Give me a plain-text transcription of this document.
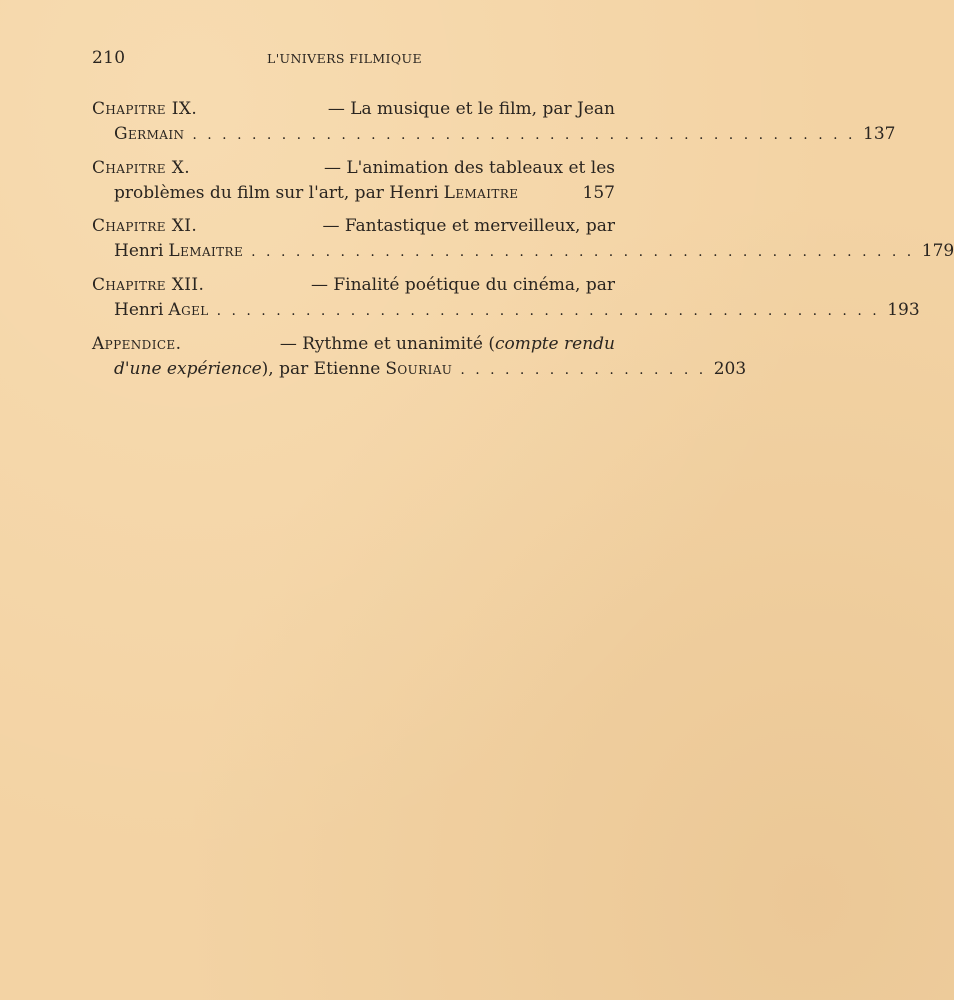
210	L'UNIVERS FILMIQUE
Chapitre IX.	— La musique et le film, par Jean
Germain . . . . . . . . . . . . . . . . . . . . . . . . . . . . . . . . . . . . . . . . . . . . . 137
Chapitre X.	— L'animation des tableaux et les
problèmes du film sur l'art, par Henri Lemaitre	157
Chapitre XI.	— Fantastique et merveilleux, par
Henri Lemaitre . . . . . . . . . . . . . . . . . . . . . . . . . . . . . . . . . . . . . . . . . . . . . 179
Chapitre XII.	— Finalité poétique du cinéma, par
Henri Agel . . . . . . . . . . . . . . . . . . . . . . . . . . . . . . . . . . . . . . . . . . . . . 193
Appendice.	— Rythme et unanimité (compte rendu
d'une expérience ), par Etienne Souriau . . . . . . . . . . . . . . . . . 203
